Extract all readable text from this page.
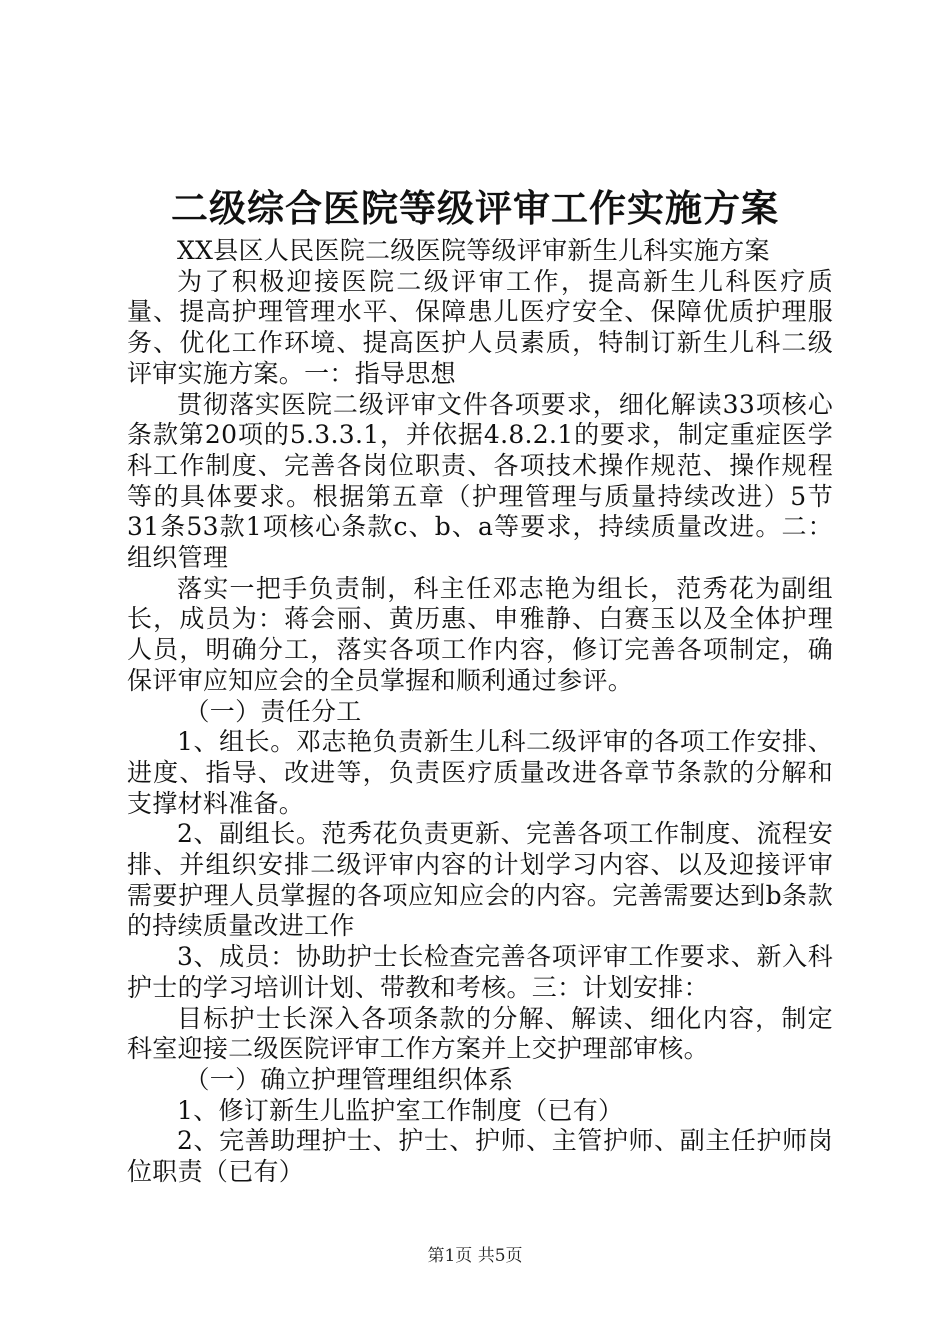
二级综合医院等级评审工作实施方案

XX县区人民医院二级医院等级评审新生儿科实施方案

为了积极迎接医院二级评审工作，提高新生儿科医疗质量、提高护理管理水平、保障患儿医疗安全、保障优质护理服务、优化工作环境、提高医护人员素质，特制订新生儿科二级评审实施方案。一：指导思想

贯彻落实医院二级评审文件各项要求，细化解读33项核心条款第20项的5.3.3.1，并依据4.8.2.1的要求，制定重症医学科工作制度、完善各岗位职责、各项技术操作规范、操作规程等的具体要求。根据第五章（护理管理与质量持续改进）5节31条53款1项核心条款c、b、a等要求，持续质量改进。二：组织管理

落实一把手负责制，科主任邓志艳为组长，范秀花为副组长，成员为：蒋会丽、黄历惠、申雅静、白赛玉以及全体护理人员，明确分工，落实各项工作内容，修订完善各项制定，确保评审应知应会的全员掌握和顺利通过参评。

（一）责任分工

1、组长。邓志艳负责新生儿科二级评审的各项工作安排、进度、指导、改进等，负责医疗质量改进各章节条款的分解和支撑材料准备。

2、副组长。范秀花负责更新、完善各项工作制度、流程安排、并组织安排二级评审内容的计划学习内容、以及迎接评审需要护理人员掌握的各项应知应会的内容。完善需要达到b条款的持续质量改进工作

3、成员：协助护士长检查完善各项评审工作要求、新入科护士的学习培训计划、带教和考核。三：计划安排：

目标护士长深入各项条款的分解、解读、细化内容，制定科室迎接二级医院评审工作方案并上交护理部审核。

（一）确立护理管理组织体系

1、修订新生儿监护室工作制度（已有）

2、完善助理护士、护士、护师、主管护师、副主任护师岗位职责（已有）

第1页 共5页
